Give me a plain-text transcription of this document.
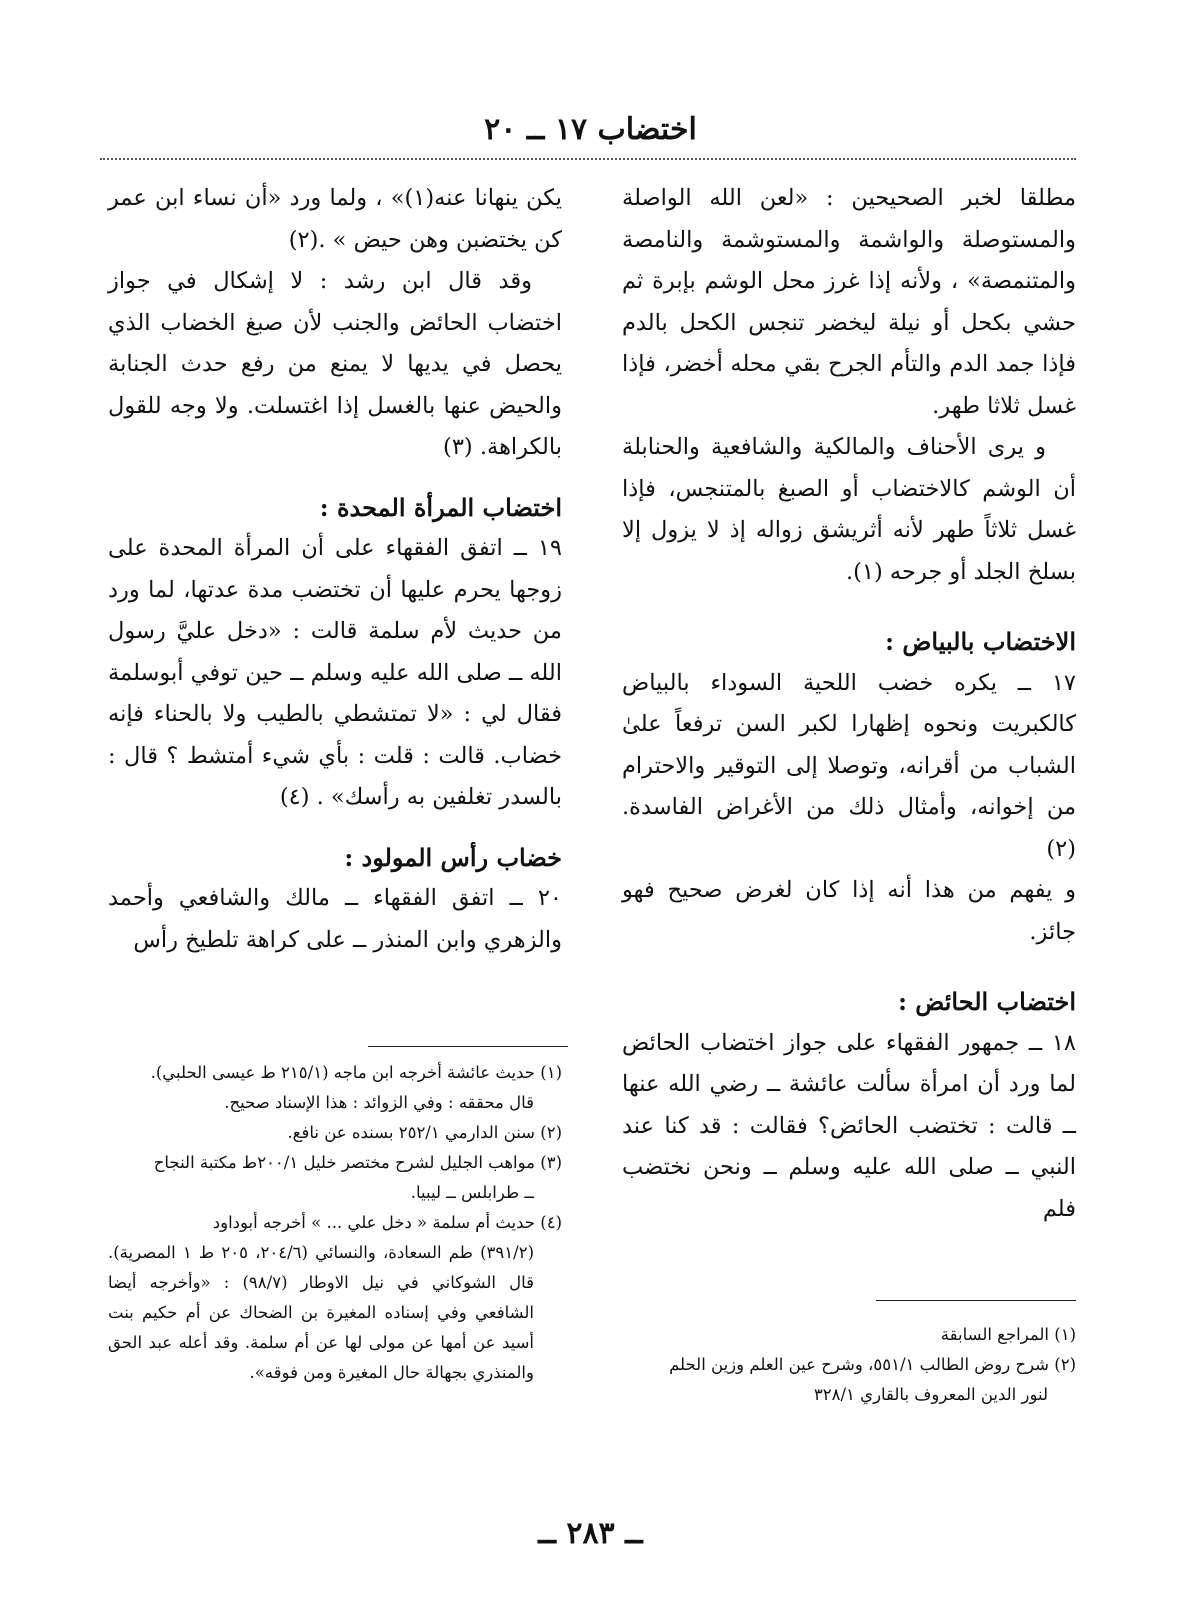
اختضاب ١٧ ــ ٢٠

مطلقا لخبر الصحيحين : «لعن الله الواصلة والمستوصلة والواشمة والمستوشمة والنامصة والمتنمصة» ، ولأنه إذا غرز محل الوشم بإبرة ثم حشي بكحل أو نيلة ليخضر تنجس الكحل بالدم فإذا جمد الدم والتأم الجرح بقي محله أخضر، فإذا غسل ثلاثا طهر.

و يرى الأحناف والمالكية والشافعية والحنابلة أن الوشم كالاختضاب أو الصبغ بالمتنجس، فإذا غسل ثلاثاً طهر لأنه أثريشق زواله إذ لا يزول إلا بسلخ الجلد أو جرحه (١).

الاختضاب بالبياض :

١٧ ــ يكره خضب اللحية السوداء بالبياض كالكبريت ونحوه إظهارا لكبر السن ترفعاً علىٰ الشباب من أقرانه، وتوصلا إلى التوقير والاحترام من إخوانه، وأمثال ذلك من الأغراض الفاسدة. (٢)

و يفهم من هذا أنه إذا كان لغرض صحيح فهو جائز.

اختضاب الحائض :

١٨ ــ جمهور الفقهاء على جواز اختضاب الحائض لما ورد أن امرأة سألت عائشة ــ رضي الله عنها ــ قالت : تختضب الحائض؟ فقالت : قد كنا عند النبي ــ صلى الله عليه وسلم ــ ونحن نختضب فلم

يكن ينهانا عنه(١)» ، ولما ورد «أن نساء ابن عمر كن يختضبن وهن حيض » .(٢)

وقد قال ابن رشد : لا إشكال في جواز اختضاب الحائض والجنب لأن صبغ الخضاب الذي يحصل في يديها لا يمنع من رفع حدث الجنابة والحيض عنها بالغسل إذا اغتسلت. ولا وجه للقول بالكراهة. (٣)

اختضاب المرأة المحدة :

١٩ ــ اتفق الفقهاء على أن المرأة المحدة على زوجها يحرم عليها أن تختضب مدة عدتها، لما ورد من حديث لأم سلمة قالت : «دخل عليَّ رسول الله ــ صلى الله عليه وسلم ــ حين توفي أبوسلمة فقال لي : «لا تمتشطي بالطيب ولا بالحناء فإنه خضاب. قالت : قلت : بأي شيء أمتشط ؟ قال : بالسدر تغلفين به رأسك» . (٤)

خضاب رأس المولود :

٢٠ ــ اتفق الفقهاء ــ مالك والشافعي وأحمد والزهري وابن المنذر ــ على كراهة تلطيخ رأس

(١) حديث عائشة أخرجه ابن ماجه (٢١٥/١ ط عيسى الحلبي).
قال محققه : وفي الزوائد : هذا الإسناد صحيح.

(٢) سنن الدارمي ٢٥٢/١ بسنده عن نافع.

(٣) مواهب الجليل لشرح مختصر خليل ٢٠٠/١ط مكتبة النجاح
ــ طرابلس ــ ليبيا.

(٤) حديث أم سلمة « دخل علي ... » أخرجه أبوداود
(٣٩١/٢) طم السعادة، والنسائي (٢٠٤/٦، ٢٠٥ ط ١ المصرية). قال الشوكاني في نيل الاوطار (٩٨/٧) : «وأخرجه أيضا الشافعي وفي إسناده المغيرة بن الضحاك عن أم حكيم بنت أسيد عن أمها عن مولى لها عن أم سلمة. وقد أعله عبد الحق والمنذري بجهالة حال المغيرة ومن فوقه».

(١) المراجع السابقة

(٢) شرح روض الطالب ٥٥١/١، وشرح عين العلم وزين الحلم
لنور الدين المعروف بالقاري ٣٢٨/١

ــ ٢٨٣ ــ
